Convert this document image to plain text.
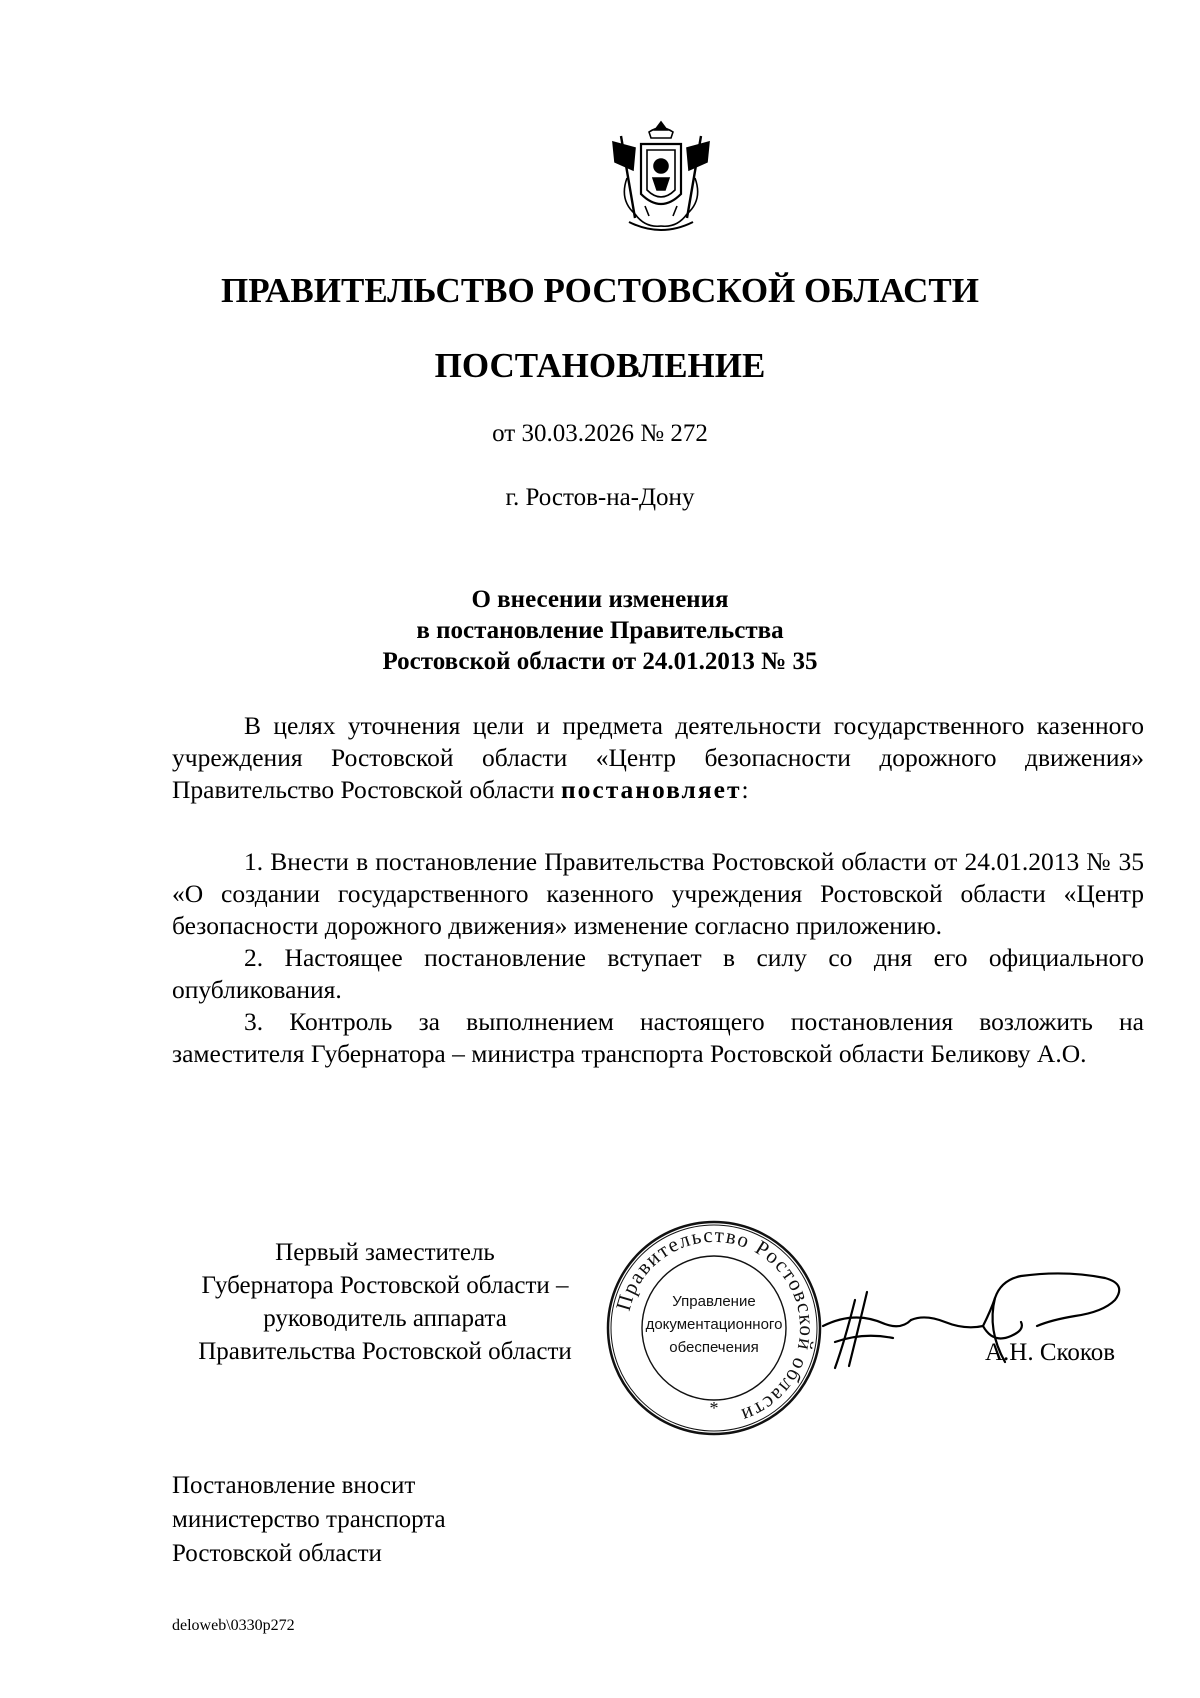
ПРАВИТЕЛЬСТВО РОСТОВСКОЙ ОБЛАСТИ
ПОСТАНОВЛЕНИЕ
от 30.03.2026 № 272
г. Ростов-на-Дону
О внесении изменения
в постановление Правительства
Ростовской области от 24.01.2013 № 35

В целях уточнения цели и предмета деятельности государственного казенного учреждения Ростовской области «Центр безопасности дорожного движения» Правительство Ростовской области постановляет:

1. Внести в постановление Правительства Ростовской области от 24.01.2013 № 35 «О создании государственного казенного учреждения Ростовской области «Центр безопасности дорожного движения» изменение согласно приложению.

2. Настоящее постановление вступает в силу со дня его официального опубликования.

3. Контроль за выполнением настоящего постановления возложить на заместителя Губернатора – министра транспорта Ростовской области Беликову А.О.

Первый заместитель
Губернатора Ростовской области –
руководитель аппарата
Правительства Ростовской области
Правительство Ростовской области
*
Управление
документационного
обеспечения	А.Н. Скоков
Постановление вносит
министерство транспорта
Ростовской области
deloweb\0330p272
